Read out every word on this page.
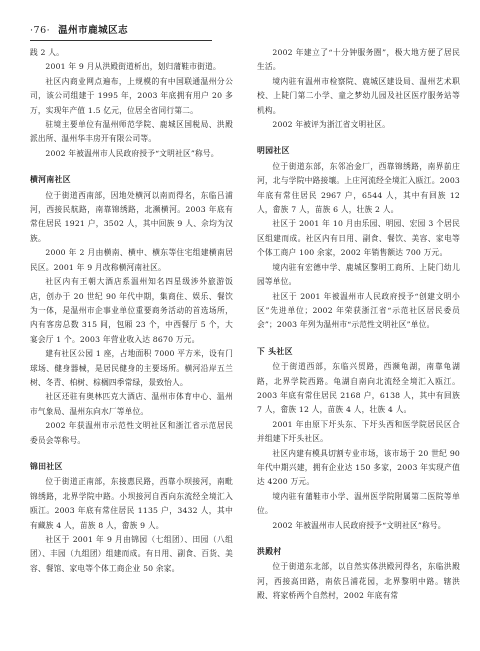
·76· 温州市鹿城区志

践 2 人。

2001 年 9 月从洪殿街道析出，划归蒲鞋市街道。

社区内商业网点遍布，上规模的有中国联通温州分公司，该公司组建于 1995 年，2003 年底拥有用户 20 多万，实现年产值 1.5 亿元，位居全省同行第二。

驻境主要单位有温州师范学院、鹿城区国税局、洪殿派出所、温州华丰房开有限公司等。

2002 年被温州市人民政府授予“文明社区”称号。

横河南社区

位于街道西南部，因地处横河以南而得名，东临吕浦河，西接民航路，南靠锦绣路，北濒横河。2003 年底有常住居民 1921 户，3502 人，其中回族 9 人、佘均为汉族。

2000 年 2 月由横南、横中、横东等住宅组建横南居民区。2001 年 9 月改称横河南社区。

社区内有王朝大酒店系温州知名四星级涉外旅游饭店，创办于 20 世纪 90 年代中期，集商住、娱乐、餐饮为一体，是温州市企事业单位重要商务活动的首选场所，内有客房总数 315 间，包厢 23 个，中西餐厅 5 个，大宴会厅 1 个。2003 年营业收入达 8670 万元。

建有社区公园 1 座，占地面积 7000 平方米，设有门球场、健身器械，是居民健身的主要场所。横河沿岸五兰树、冬青、柏树、棕榈四季常绿，景致怡人。

社区还驻有奥林匹克大酒店、温州市体育中心、温州市气象局、温州东向水厂等单位。

2002 年获温州市示范性文明社区和浙江省示范居民委员会等称号。

锦田社区

位于街道正南部，东接惠民路，西靠小坝接河，南毗锦绣路，北界学院中路。小坝接河自西向东流经全境汇入瓯江。2003 年底有常住居民 1135 户，3432 人，其中有藏族 4 人，苗族 8 人，畲族 9 人。

社区于 2001 年 9 月由锦园（七组团）、田园（八组团）、丰园（九组团）组建而成。有日用、副食、百货、美容、餐馆、家电等个体工商企业 50 余家。

2002 年建立了“十分钟服务圈”，极大地方便了居民生活。

境内驻有温州市检察院、鹿城区建设局、温州艺术职校、上陡门第二小学、童之梦幼儿园及社区医疗服务站等机构。

2002 年被评为浙江省文明社区。

明园社区

位于街道东部，东邻冶金厂，西靠锦绣路，南界前庄河，北与学院中路接壤。上庄河流经全境汇入瓯江。2003 年底有常住居民 2967 户，6544 人，其中有回族 12 人，畲族 7 人，苗族 6 人，壮族 2 人。

社区于 2001 年 10 月由乐园、明园、宏园 3 个居民区组建而成。社区内有日用、副食、餐饮、美容、家电等个体工商户 100 余家，2002 年销售额达 700 万元。

境内驻有宏德中学、鹿城区黎明工商所、上陡门幼儿园等单位。

社区于 2001 年被温州市人民政府授予“创建文明小区”先进单位；2002 年荣获浙江省“示范社区居民委员会”；2003 年列为温州市“示范性文明社区”单位。

下 头社区

位于街道西部，东临兴贸路，西濒龟湖，南靠龟湖路，北界学院西路。龟湖自南向北流经全境汇入瓯江。2003 年底有常住居民 2168 户，6138 人，其中有回族 7 人，畲族 12 人，苗族 4 人，壮族 4 人。

2001 年由原下圩头东、下圩头西和医学院居民区合并组建下圩头社区。

社区内建有模具切割专业市场，该市场于 20 世纪 90 年代中期兴建，拥有企业达 150 多家，2003 年实现产值达 4200 万元。

境内驻有蒲鞋市小学、温州医学院附属第二医院等单位。

2002 年被温州市人民政府授予“文明社区”称号。

洪殿村

位于街道东北部，以自然实体洪殿河得名，东临洪殿河，西接高田路，南依吕浦花园，北界黎明中路。辖洪殿、将家桥两个自然村，2002 年底有常
